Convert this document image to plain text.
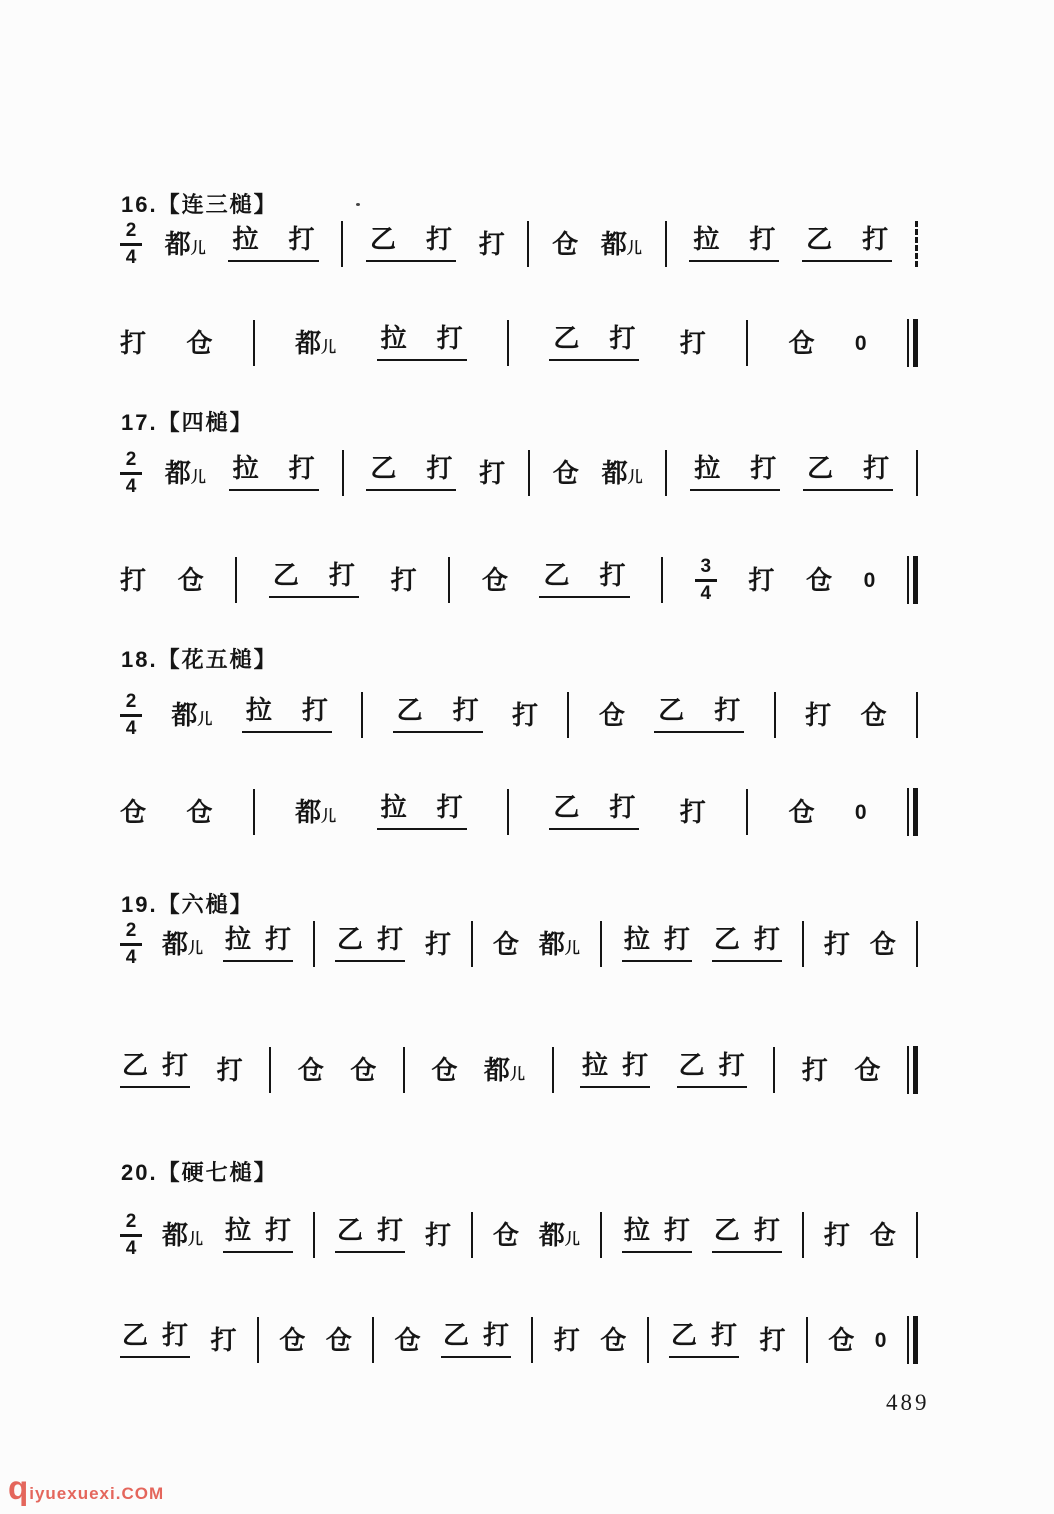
489
qiyuexuexi.COM
16.【连三槌】
2
4 都儿 拉 打 乙 打 打 仓 都儿 拉 打 乙 打
打 仓	都儿 拉 打	乙 打 打	仓 0
17.【四槌】
2
4 都儿 拉 打 乙 打 打 仓 都儿 拉 打 乙 打
打 仓	乙 打 打	仓 乙 打	3
4 打 仓 0
18.【花五槌】
2
4 都儿 拉 打	乙 打 打 仓 乙 打 打 仓
仓 仓	都儿 拉 打	乙 打 打	仓 0
19.【六槌】
2
4 都儿 拉 打 乙 打 打 仓 都儿 拉 打 乙 打 打 仓
乙 打 打 仓 仓 仓 都儿 拉 打 乙 打 打 仓
20.【硬七槌】
2
4 都儿 拉 打 乙 打 打 仓 都儿 拉 打 乙 打 打 仓
乙 打 打 仓 仓 仓 乙 打 打 仓 乙 打 打 仓 0
